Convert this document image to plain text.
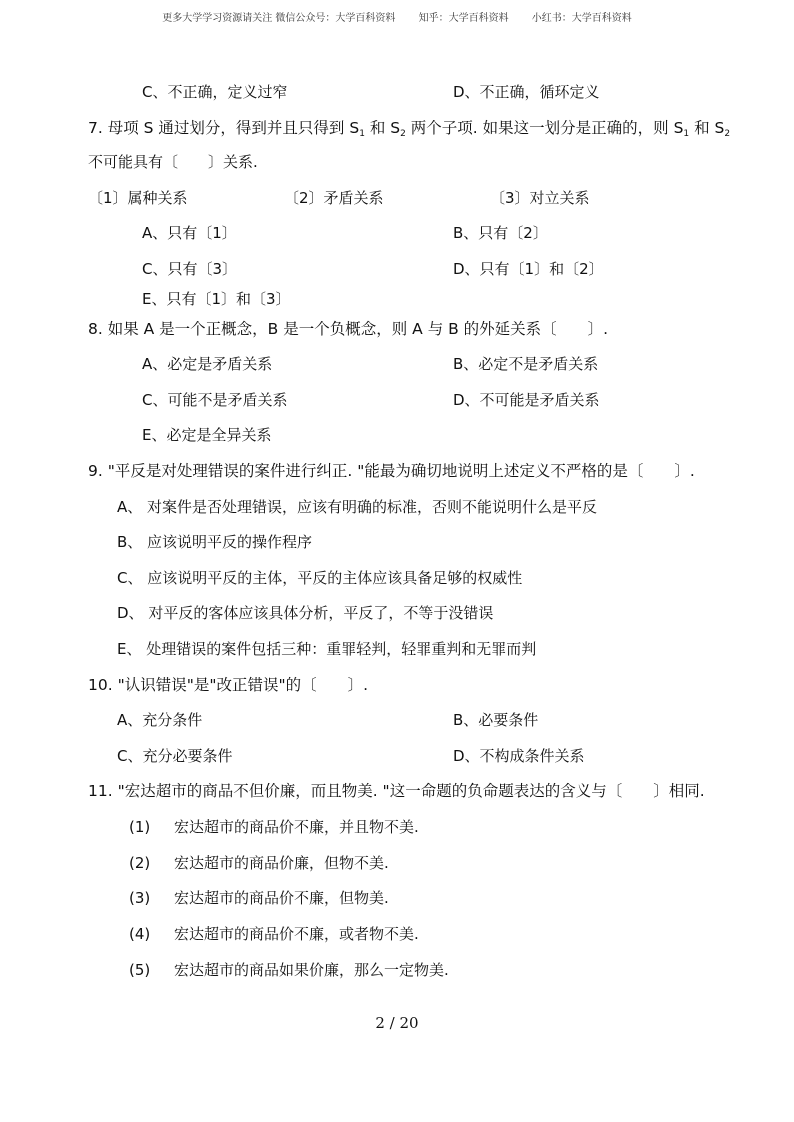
更多大学学习资源请关注 微信公众号：大学百科资料 知乎：大学百科资料 小红书：大学百科资料
C、不正确，定义过窄	D、不正确，循环定义
7. 母项 S 通过划分，得到并且只得到 $S_1$ 和 $S_2$ 两个子项. 如果这一划分是正确的，则 $S_1$ 和 $S_2$
不可能具有〔　　〕关系.
〔1〕属种关系	〔2〕矛盾关系	〔3〕对立关系
A、只有〔1〕	B、只有〔2〕
C、只有〔3〕	D、只有〔1〕和〔2〕
E、只有〔1〕和〔3〕
8. 如果 A 是一个正概念，B 是一个负概念，则 A 与 B 的外延关系〔　　〕.
A、必定是矛盾关系	B、必定不是矛盾关系
C、可能不是矛盾关系	D、不可能是矛盾关系
E、必定是全异关系
9. "平反是对处理错误的案件进行纠正. "能最为确切地说明上述定义不严格的是〔　　〕.
A、 对案件是否处理错误，应该有明确的标准，否则不能说明什么是平反
B、 应该说明平反的操作程序
C、 应该说明平反的主体，平反的主体应该具备足够的权威性
D、 对平反的客体应该具体分析，平反了，不等于没错误
E、 处理错误的案件包括三种：重罪轻判，轻罪重判和无罪而判
10. "认识错误"是"改正错误"的〔　　〕.
A、充分条件	B、必要条件
C、充分必要条件	D、不构成条件关系
11. "宏达超市的商品不但价廉，而且物美. "这一命题的负命题表达的含义与〔　　〕相同.
(1) 宏达超市的商品价不廉，并且物不美.
(2) 宏达超市的商品价廉，但物不美.
(3) 宏达超市的商品价不廉，但物美.
(4) 宏达超市的商品价不廉，或者物不美.
(5) 宏达超市的商品如果价廉，那么一定物美.
2 / 20
